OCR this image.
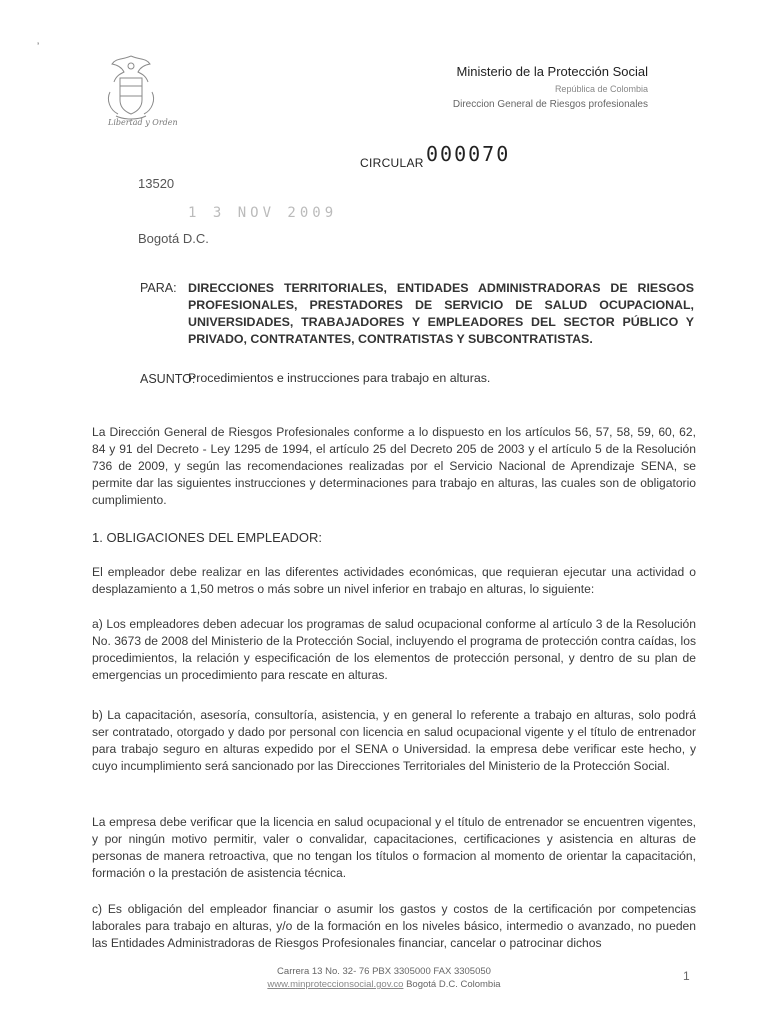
ʼ
Libertad y Orden
Ministerio de la Protección Social
República de Colombia
Direccion General de Riesgos profesionales
CIRCULAR 000070
13520
1 3 NOV 2009
Bogotá D.C.
PARA: DIRECCIONES TERRITORIALES, ENTIDADES ADMINISTRADORAS DE RIESGOS PROFESIONALES, PRESTADORES DE SERVICIO DE SALUD OCUPACIONAL, UNIVERSIDADES, TRABAJADORES Y EMPLEADORES DEL SECTOR PÚBLICO Y PRIVADO, CONTRATANTES, CONTRATISTAS Y SUBCONTRATISTAS.
ASUNTO:
Procedimientos e instrucciones para trabajo en alturas.
La Dirección General de Riesgos Profesionales conforme a lo dispuesto en los artículos 56, 57, 58, 59, 60, 62, 84 y 91 del Decreto - Ley 1295 de 1994, el artículo 25 del Decreto 205 de 2003 y el artículo 5 de la Resolución 736 de 2009, y según las recomendaciones realizadas por el Servicio Nacional de Aprendizaje SENA, se permite dar las siguientes instrucciones y determinaciones para trabajo en alturas, las cuales son de obligatorio cumplimiento.
1. OBLIGACIONES DEL EMPLEADOR:
El empleador debe realizar en las diferentes actividades económicas, que requieran ejecutar una actividad o desplazamiento a 1,50 metros o más sobre un nivel inferior en trabajo en alturas, lo siguiente:
a) Los empleadores deben adecuar los programas de salud ocupacional conforme al artículo 3 de la Resolución No. 3673 de 2008 del Ministerio de la Protección Social, incluyendo el programa de protección contra caídas, los procedimientos, la relación y especificación de los elementos de protección personal, y dentro de su plan de emergencias un procedimiento para rescate en alturas.
b) La capacitación, asesoría, consultoría, asistencia, y en general lo referente a trabajo en alturas, solo podrá ser contratado, otorgado y dado por personal con licencia en salud ocupacional vigente y el título de entrenador para trabajo seguro en alturas expedido por el SENA o Universidad. la empresa debe verificar este hecho, y cuyo incumplimiento será sancionado por las Direcciones Territoriales del Ministerio de la Protección Social.
La empresa debe verificar que la licencia en salud ocupacional y el título de entrenador se encuentren vigentes, y por ningún motivo permitir, valer o convalidar, capacitaciones, certificaciones y asistencia en alturas de personas de manera retroactiva, que no tengan los títulos o formacion al momento de orientar la capacitación, formación o la prestación de asistencia técnica.
c) Es obligación del empleador financiar o asumir los gastos y costos de la certificación por competencias laborales para trabajo en alturas, y/o de la formación en los niveles básico, intermedio o avanzado, no pueden las Entidades Administradoras de Riesgos Profesionales financiar, cancelar o patrocinar dichos
Carrera 13 No. 32- 76 PBX 3305000 FAX 3305050
www.minproteccionsocial.gov.co Bogotá D.C. Colombia
1
